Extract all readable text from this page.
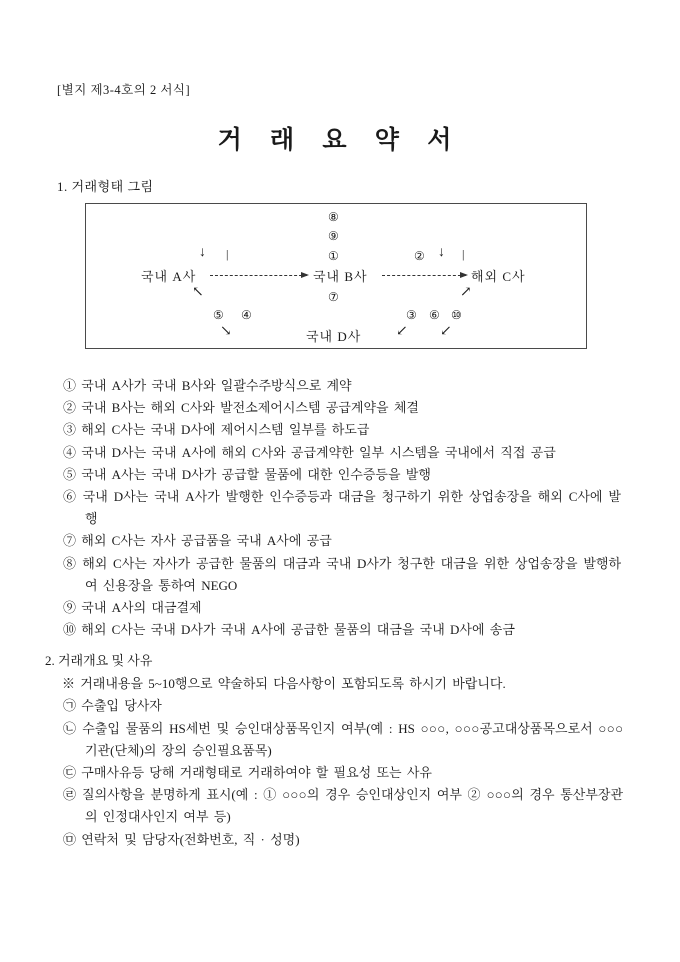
[별지 제3-4호의 2 서식]
거 래 요 약 서
1. 거래형태 그림
⑧
⑨
↓ |	①	② ↓ |
국내 A사	국내 B사	해외 C사
↖	⑦	↗
⑤ ④	③ ⑥ ⑩
↘	국내 D사 ↙ ↙
① 국내 A사가 국내 B사와 일괄수주방식으로 계약
② 국내 B사는 해외 C사와 발전소제어시스템 공급계약을 체결
③ 해외 C사는 국내 D사에 제어시스템 일부를 하도급
④ 국내 D사는 국내 A사에 해외 C사와 공급계약한 일부 시스템을 국내에서 직접 공급
⑤ 국내 A사는 국내 D사가 공급할 물품에 대한 인수증등을 발행
⑥ 국내 D사는 국내 A사가 발행한 인수증등과 대금을 청구하기 위한 상업송장을 해외 C사에 발행
⑦ 해외 C사는 자사 공급품을 국내 A사에 공급
⑧ 해외 C사는 자사가 공급한 물품의 대금과 국내 D사가 청구한 대금을 위한 상업송장을 발행하여 신용장을 통하여 NEGO
⑨ 국내 A사의 대금결제
⑩ 해외 C사는 국내 D사가 국내 A사에 공급한 물품의 대금을 국내 D사에 송금
2. 거래개요 및 사유
※ 거래내용을 5~10행으로 약술하되 다음사항이 포함되도록 하시기 바랍니다.
㉠ 수출입 당사자
㉡ 수출입 물품의 HS세번 및 승인대상품목인지 여부(예 : HS ○○○, ○○○공고대상품목으로서 ○○○기관(단체)의 장의 승인필요품목)
㉢ 구매사유등 당해 거래형태로 거래하여야 할 필요성 또는 사유
㉣ 질의사항을 분명하게 표시(예 : ① ○○○의 경우 승인대상인지 여부 ② ○○○의 경우 통산부장관의 인정대사인지 여부 등)
㉤ 연락처 및 담당자(전화번호, 직 · 성명)
